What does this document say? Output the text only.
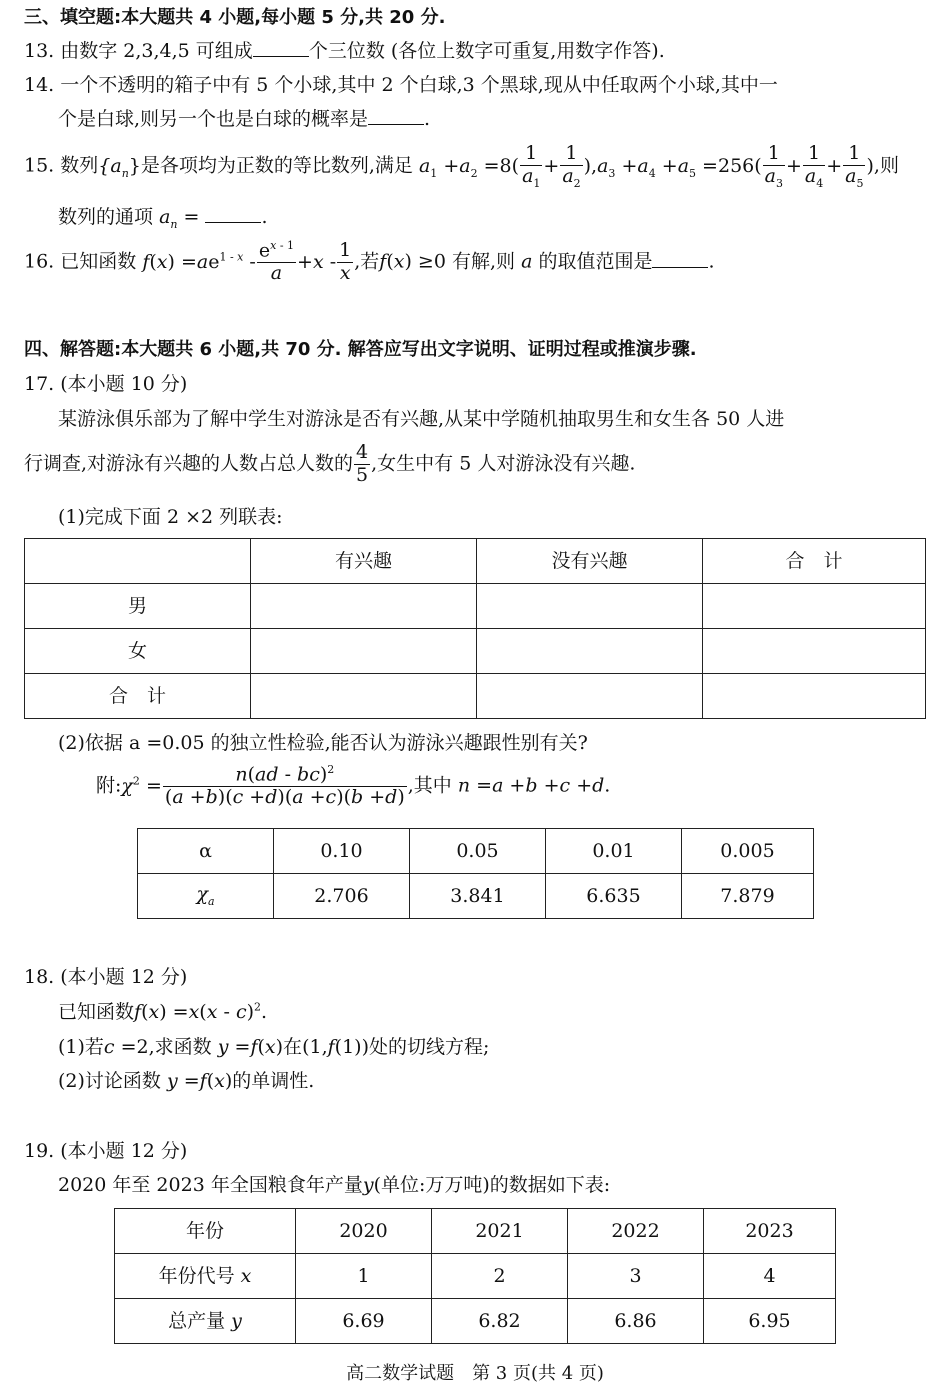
三、填空题:本大题共 4 小题,每小题 5 分,共 20 分.
13. 由数字 2,3,4,5 可组成	个三位数 (各位上数字可重复,用数字作答).
14. 一个不透明的箱子中有 5 个小球,其中 2 个白球,3 个黑球,现从中任取两个小球,其中一
个是白球,则另一个也是白球的概率是	.
15. 数列$\{a_n\}$是各项均为正数的等比数列,满足 $a_1 +a_2 =8( \frac{1}{a_1} + \frac{1}{a_2} ),a_3 +a_4 +a_5 =256( \frac{1}{a_3} + \frac{1}{a_4} + \frac{1}{a_5}$ ),则
数列的通项 $a_n$ =	.
16. 已知函数 $f(x) =ae^{1 - x} - \frac{e^{x - 1}}{a} +x - \frac{1}{x}$ ,若f(x) ≥0 有解,则 a 的取值范围是	.
四、解答题:本大题共 6 小题,共 70 分. 解答应写出文字说明、证明过程或推演步骤.
17. (本小题 10 分)
某游泳俱乐部为了解中学生对游泳是否有兴趣,从某中学随机抽取男生和女生各 50 人进
行调查,对游泳有兴趣的人数占总人数的 $\frac{4}{5}$ ,女生中有 5 人对游泳没有兴趣.
(1)完成下面 2 ×2 列联表:
	有兴趣	没有兴趣	合　计
男			
女			
合　计			
(2)依据 a =0.05 的独立性检验,能否认为游泳兴趣跟性别有关?
附$:\chi^2 = \frac{n(ad - bc)^2}{(a +b)(c +d)(a +c)(b +d)}$ ,其中 n =a +b +c +d.
α	0.10	0.05	0.01	0.005
$\chi_a$	2.706	3.841	6.635	7.879
18. (本小题 12 分)
已知函数f(x) =x(x - c)$^2$.
(1)若c =2,求函数 y =f(x)在(1,f(1))处的切线方程;
(2)讨论函数 y =f(x)的单调性.
19. (本小题 12 分)
2020 年至 2023 年全国粮食年产量y(单位:万万吨)的数据如下表:
年份	2020	2021	2022	2023
年份代号 x	1	2	3	4
总产量 y	6.69	6.82	6.86	6.95
高二数学试题　第 3 页(共 4 页)
